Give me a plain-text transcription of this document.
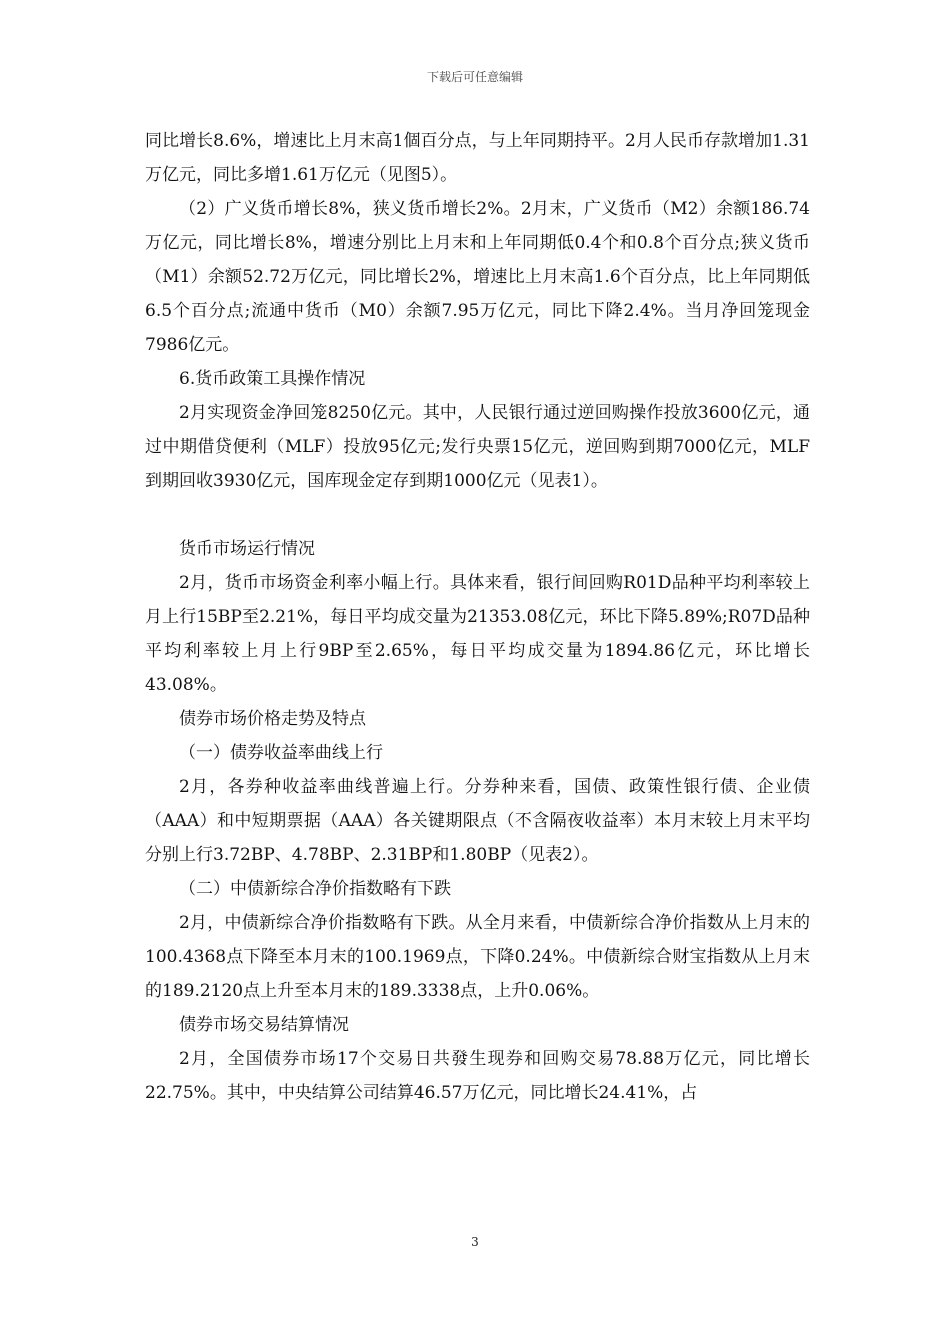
下载后可任意编辑

同比增长8.6%，增速比上月末高1個百分点，与上年同期持平。2月人民币存款增加1.31万亿元，同比多增1.61万亿元（见图5）。

（2）广义货币增长8%，狭义货币增长2%。2月末，广义货币（M2）余额186.74万亿元，同比增长8%，增速分别比上月末和上年同期低0.4个和0.8个百分点;狭义货币（M1）余额52.72万亿元，同比增长2%，增速比上月末高1.6个百分点，比上年同期低6.5个百分点;流通中货币（M0）余额7.95万亿元，同比下降2.4%。当月净回笼现金7986亿元。

6.货币政策工具操作情况

2月实现资金净回笼8250亿元。其中，人民银行通过逆回购操作投放3600亿元，通过中期借贷便利（MLF）投放95亿元;发行央票15亿元，逆回购到期7000亿元，MLF到期回收3930亿元，国库现金定存到期1000亿元（见表1）。

货币市场运行情况

2月，货币市场资金利率小幅上行。具体来看，银行间回购R01D品种平均利率较上月上行15BP至2.21%，每日平均成交量为21353.08亿元，环比下降5.89%;R07D品种平均利率较上月上行9BP至2.65%，每日平均成交量为1894.86亿元，环比增长43.08%。

债券市场价格走势及特点

（一）债券收益率曲线上行

2月，各券种收益率曲线普遍上行。分券种来看，国债、政策性银行债、企业债（AAA）和中短期票据（AAA）各关键期限点（不含隔夜收益率）本月末较上月末平均分别上行3.72BP、4.78BP、2.31BP和1.80BP（见表2）。

（二）中债新综合净价指数略有下跌

2月，中债新综合净价指数略有下跌。从全月来看，中债新综合净价指数从上月末的100.4368点下降至本月末的100.1969点，下降0.24%。中债新综合财宝指数从上月末的189.2120点上升至本月末的189.3338点，上升0.06%。

债券市场交易结算情况

2月，全国债券市场17个交易日共發生现券和回购交易78.88万亿元，同比增长22.75%。其中，中央结算公司结算46.57万亿元，同比增长24.41%，占

3
